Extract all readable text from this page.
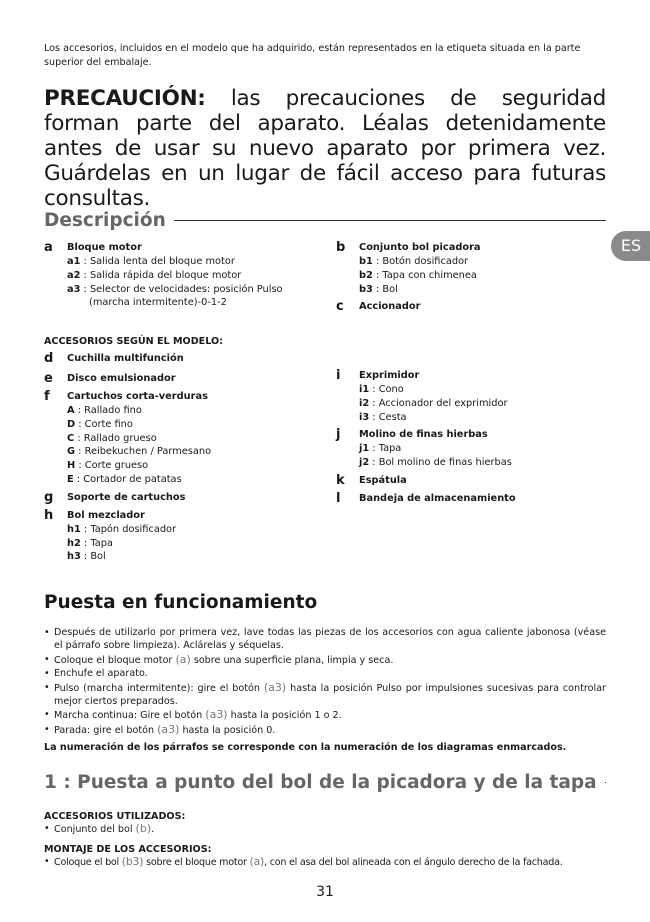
Los accesorios, incluidos en el modelo que ha adquirido, están representados en la etiqueta situada en la parte superior del embalaje.
PRECAUCIÓN: las precauciones de seguridad forman parte del aparato. Léalas detenidamente antes de usar su nuevo aparato por primera vez. Guárdelas en un lugar de fácil acceso para futuras consultas.
Descripción
ES
a	Bloque motor
a1 : Salida lenta del bloque motor
a2 : Salida rápida del bloque motor
a3 : Selector de velocidades: posición Pulso
(marcha intermitente)-0-1-2
b	Conjunto bol picadora
b1 : Botón dosificador
b2 : Tapa con chimenea
b3 : Bol
c	Accionador
ACCESORIOS SEGÚN EL MODELO:
d	Cuchilla multifunción
e	Disco emulsionador
f	Cartuchos corta-verduras
A : Rallado fino
D : Corte fino
C : Rallado grueso
G : Reibekuchen / Parmesano
H : Corte grueso
E : Cortador de patatas
g	Soporte de cartuchos
h	Bol mezclador
h1 : Tapón dosificador
h2 : Tapa
h3 : Bol
i	Exprimidor
i1 : Cono
i2 : Accionador del exprimidor
i3 : Cesta
j	Molino de finas hierbas
j1 : Tapa
j2 : Bol molino de finas hierbas
k	Espátula
l	Bandeja de almacenamiento
Puesta en funcionamiento
• Después de utilizarlo por primera vez, lave todas las piezas de los accesorios con agua caliente jabonosa (véase el párrafo sobre limpieza). Aclárelas y séquelas.
• Coloque el bloque motor (a) sobre una superficie plana, limpia y seca.
• Enchufe el aparato.
• Pulso (marcha intermitente): gire el botón (a3) hasta la posición Pulso por impulsiones sucesivas para controlar mejor ciertos preparados.
• Marcha continua: Gire el botón (a3) hasta la posición 1 o 2.
• Parada: gire el botón (a3) hasta la posición 0.
La numeración de los párrafos se corresponde con la numeración de los diagramas enmarcados.
1 : Puesta a punto del bol de la picadora y de la tapa
ACCESORIOS UTILIZADOS:
• Conjunto del bol (b).
MONTAJE DE LOS ACCESORIOS:
• Coloque el bol (b3) sobre el bloque motor (a), con el asa del bol alineada con el ángulo derecho de la fachada.
31
